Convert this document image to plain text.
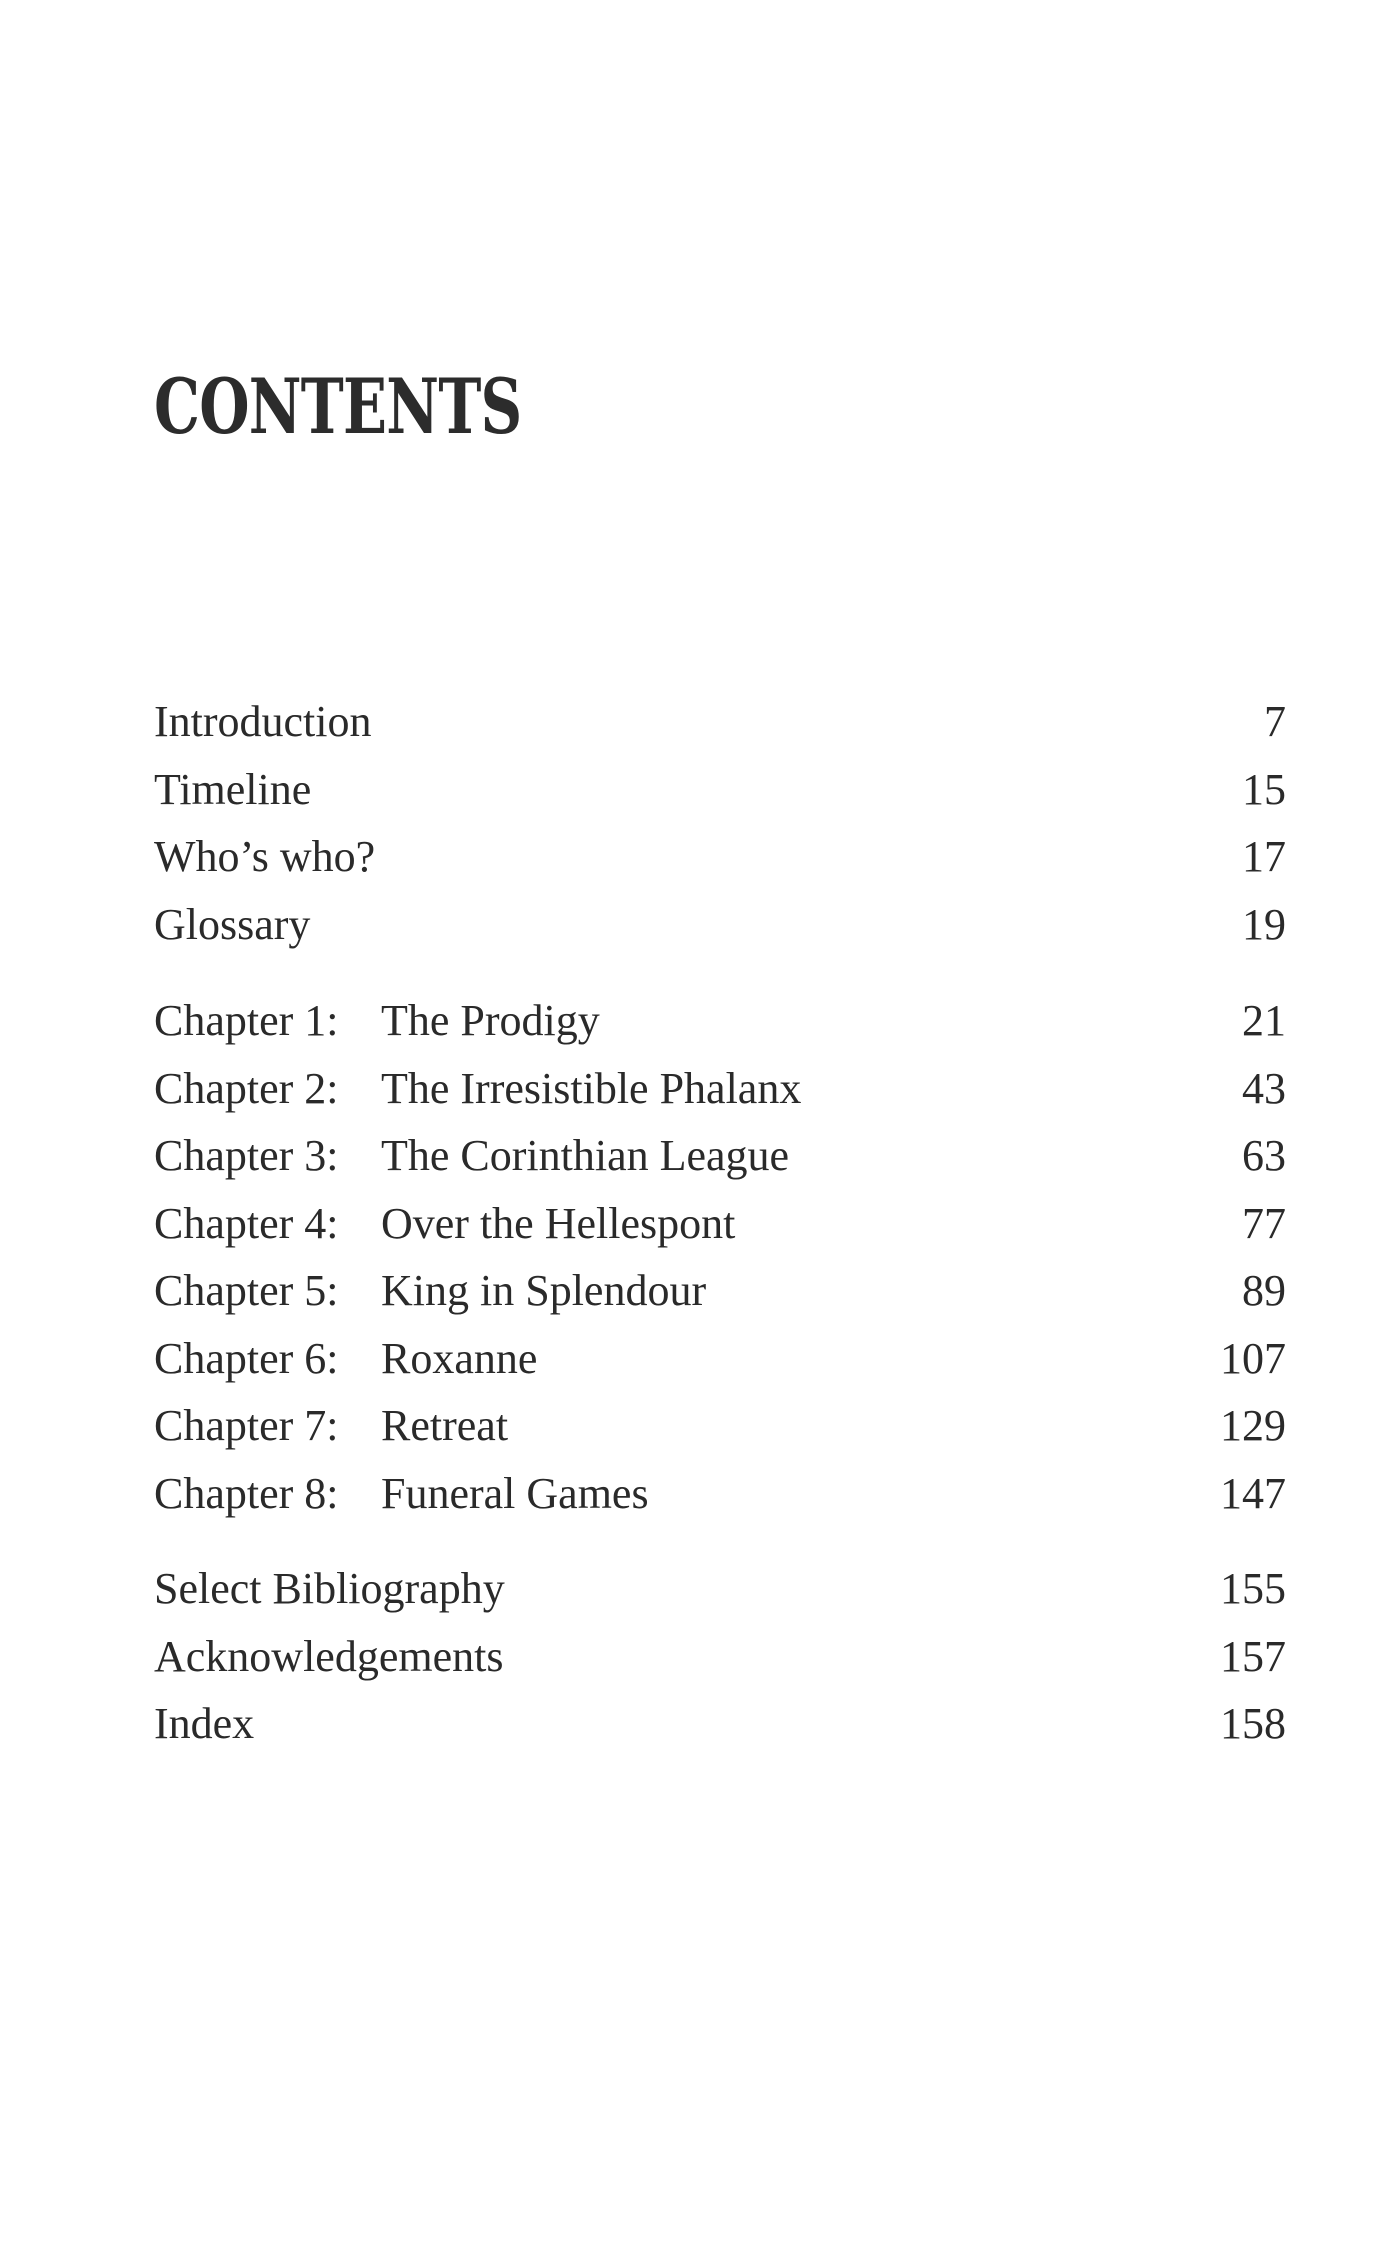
CONTENTS
Introduction	7
Timeline	15
Who’s who?	17
Glossary	19
Chapter 1: The Prodigy	21
Chapter 2: The Irresistible Phalanx	43
Chapter 3: The Corinthian League	63
Chapter 4: Over the Hellespont	77
Chapter 5: King in Splendour	89
Chapter 6: Roxanne	107
Chapter 7: Retreat	129
Chapter 8: Funeral Games	147
Select Bibliography	155
Acknowledgements	157
Index	158
